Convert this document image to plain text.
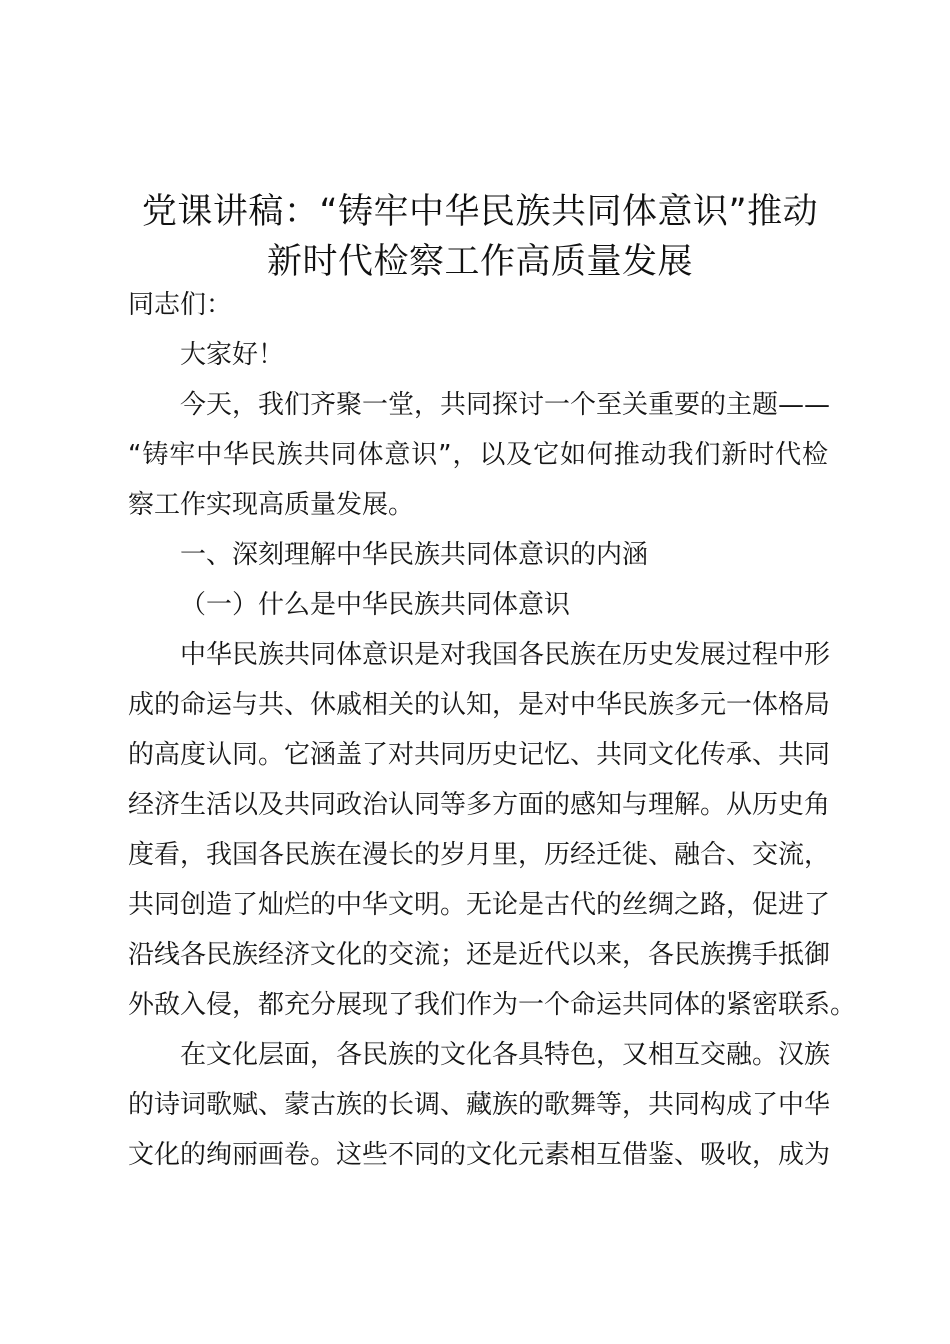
党课讲稿：“铸牢中华民族共同体意识”推动
新时代检察工作高质量发展
同志们：
大家好！
今天，我们齐聚一堂，共同探讨一个至关重要的主题——
“铸牢中华民族共同体意识”，以及它如何推动我们新时代检
察工作实现高质量发展。
一、深刻理解中华民族共同体意识的内涵
（一）什么是中华民族共同体意识
中华民族共同体意识是对我国各民族在历史发展过程中形
成的命运与共、休戚相关的认知，是对中华民族多元一体格局
的高度认同。它涵盖了对共同历史记忆、共同文化传承、共同
经济生活以及共同政治认同等多方面的感知与理解。从历史角
度看，我国各民族在漫长的岁月里，历经迁徙、融合、交流，
共同创造了灿烂的中华文明。无论是古代的丝绸之路，促进了
沿线各民族经济文化的交流；还是近代以来，各民族携手抵御
外敌入侵，都充分展现了我们作为一个命运共同体的紧密联系。
在文化层面，各民族的文化各具特色，又相互交融。汉族
的诗词歌赋、蒙古族的长调、藏族的歌舞等，共同构成了中华
文化的绚丽画卷。这些不同的文化元素相互借鉴、吸收，成为
